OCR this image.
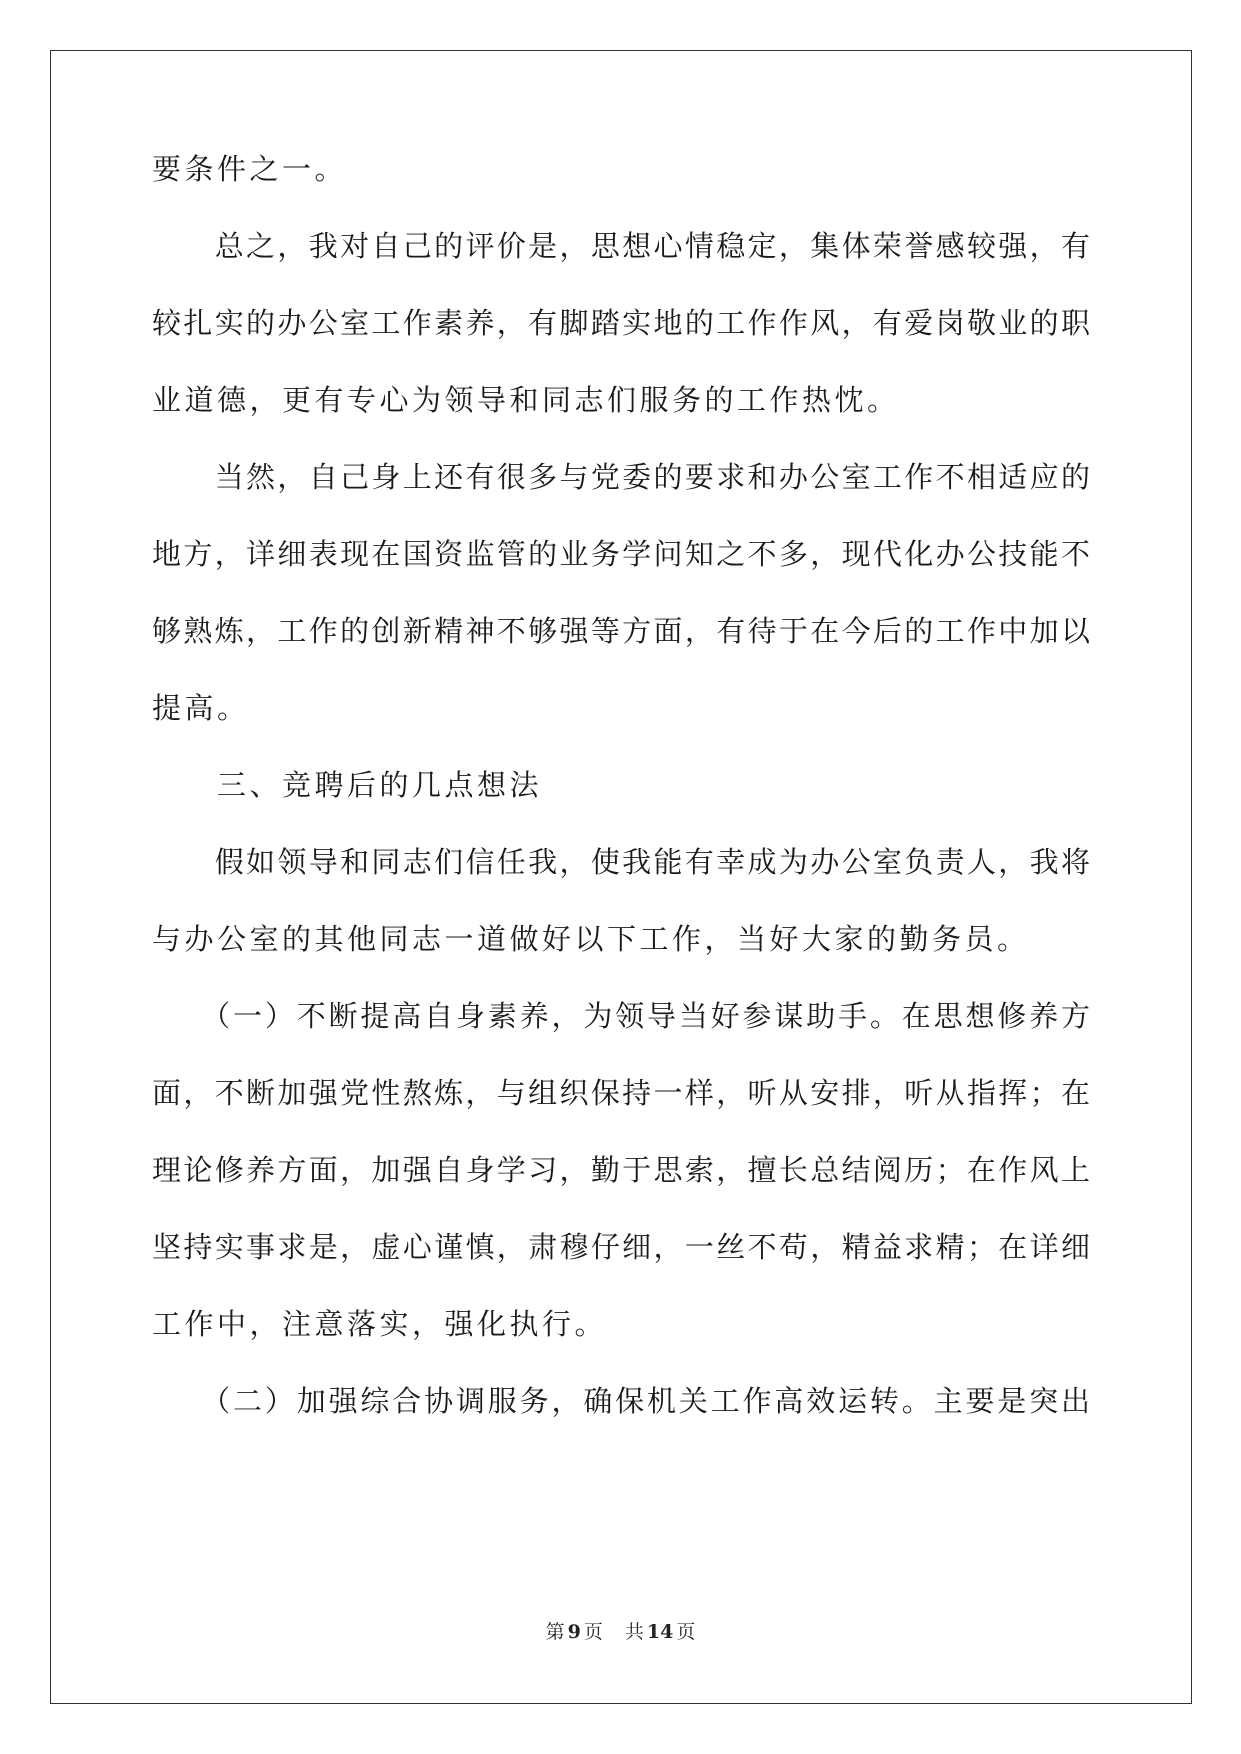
要条件之一。
　　总之，我对自己的评价是，思想心情稳定，集体荣誉感较强，有
较扎实的办公室工作素养，有脚踏实地的工作作风，有爱岗敬业的职
业道德，更有专心为领导和同志们服务的工作热忱。
　　当然，自己身上还有很多与党委的要求和办公室工作不相适应的
地方，详细表现在国资监管的业务学问知之不多，现代化办公技能不
够熟炼，工作的创新精神不够强等方面，有待于在今后的工作中加以
提高。
　　三、竞聘后的几点想法
　　假如领导和同志们信任我，使我能有幸成为办公室负责人，我将
与办公室的其他同志一道做好以下工作，当好大家的勤务员。
　　（一）不断提高自身素养，为领导当好参谋助手。在思想修养方
面，不断加强党性熬炼，与组织保持一样，听从安排，听从指挥；在
理论修养方面，加强自身学习，勤于思索，擅长总结阅历；在作风上
坚持实事求是，虚心谨慎，肃穆仔细，一丝不苟，精益求精；在详细
工作中，注意落实，强化执行。
　　（二）加强综合协调服务，确保机关工作高效运转。主要是突出
第 9 页 共 14 页
